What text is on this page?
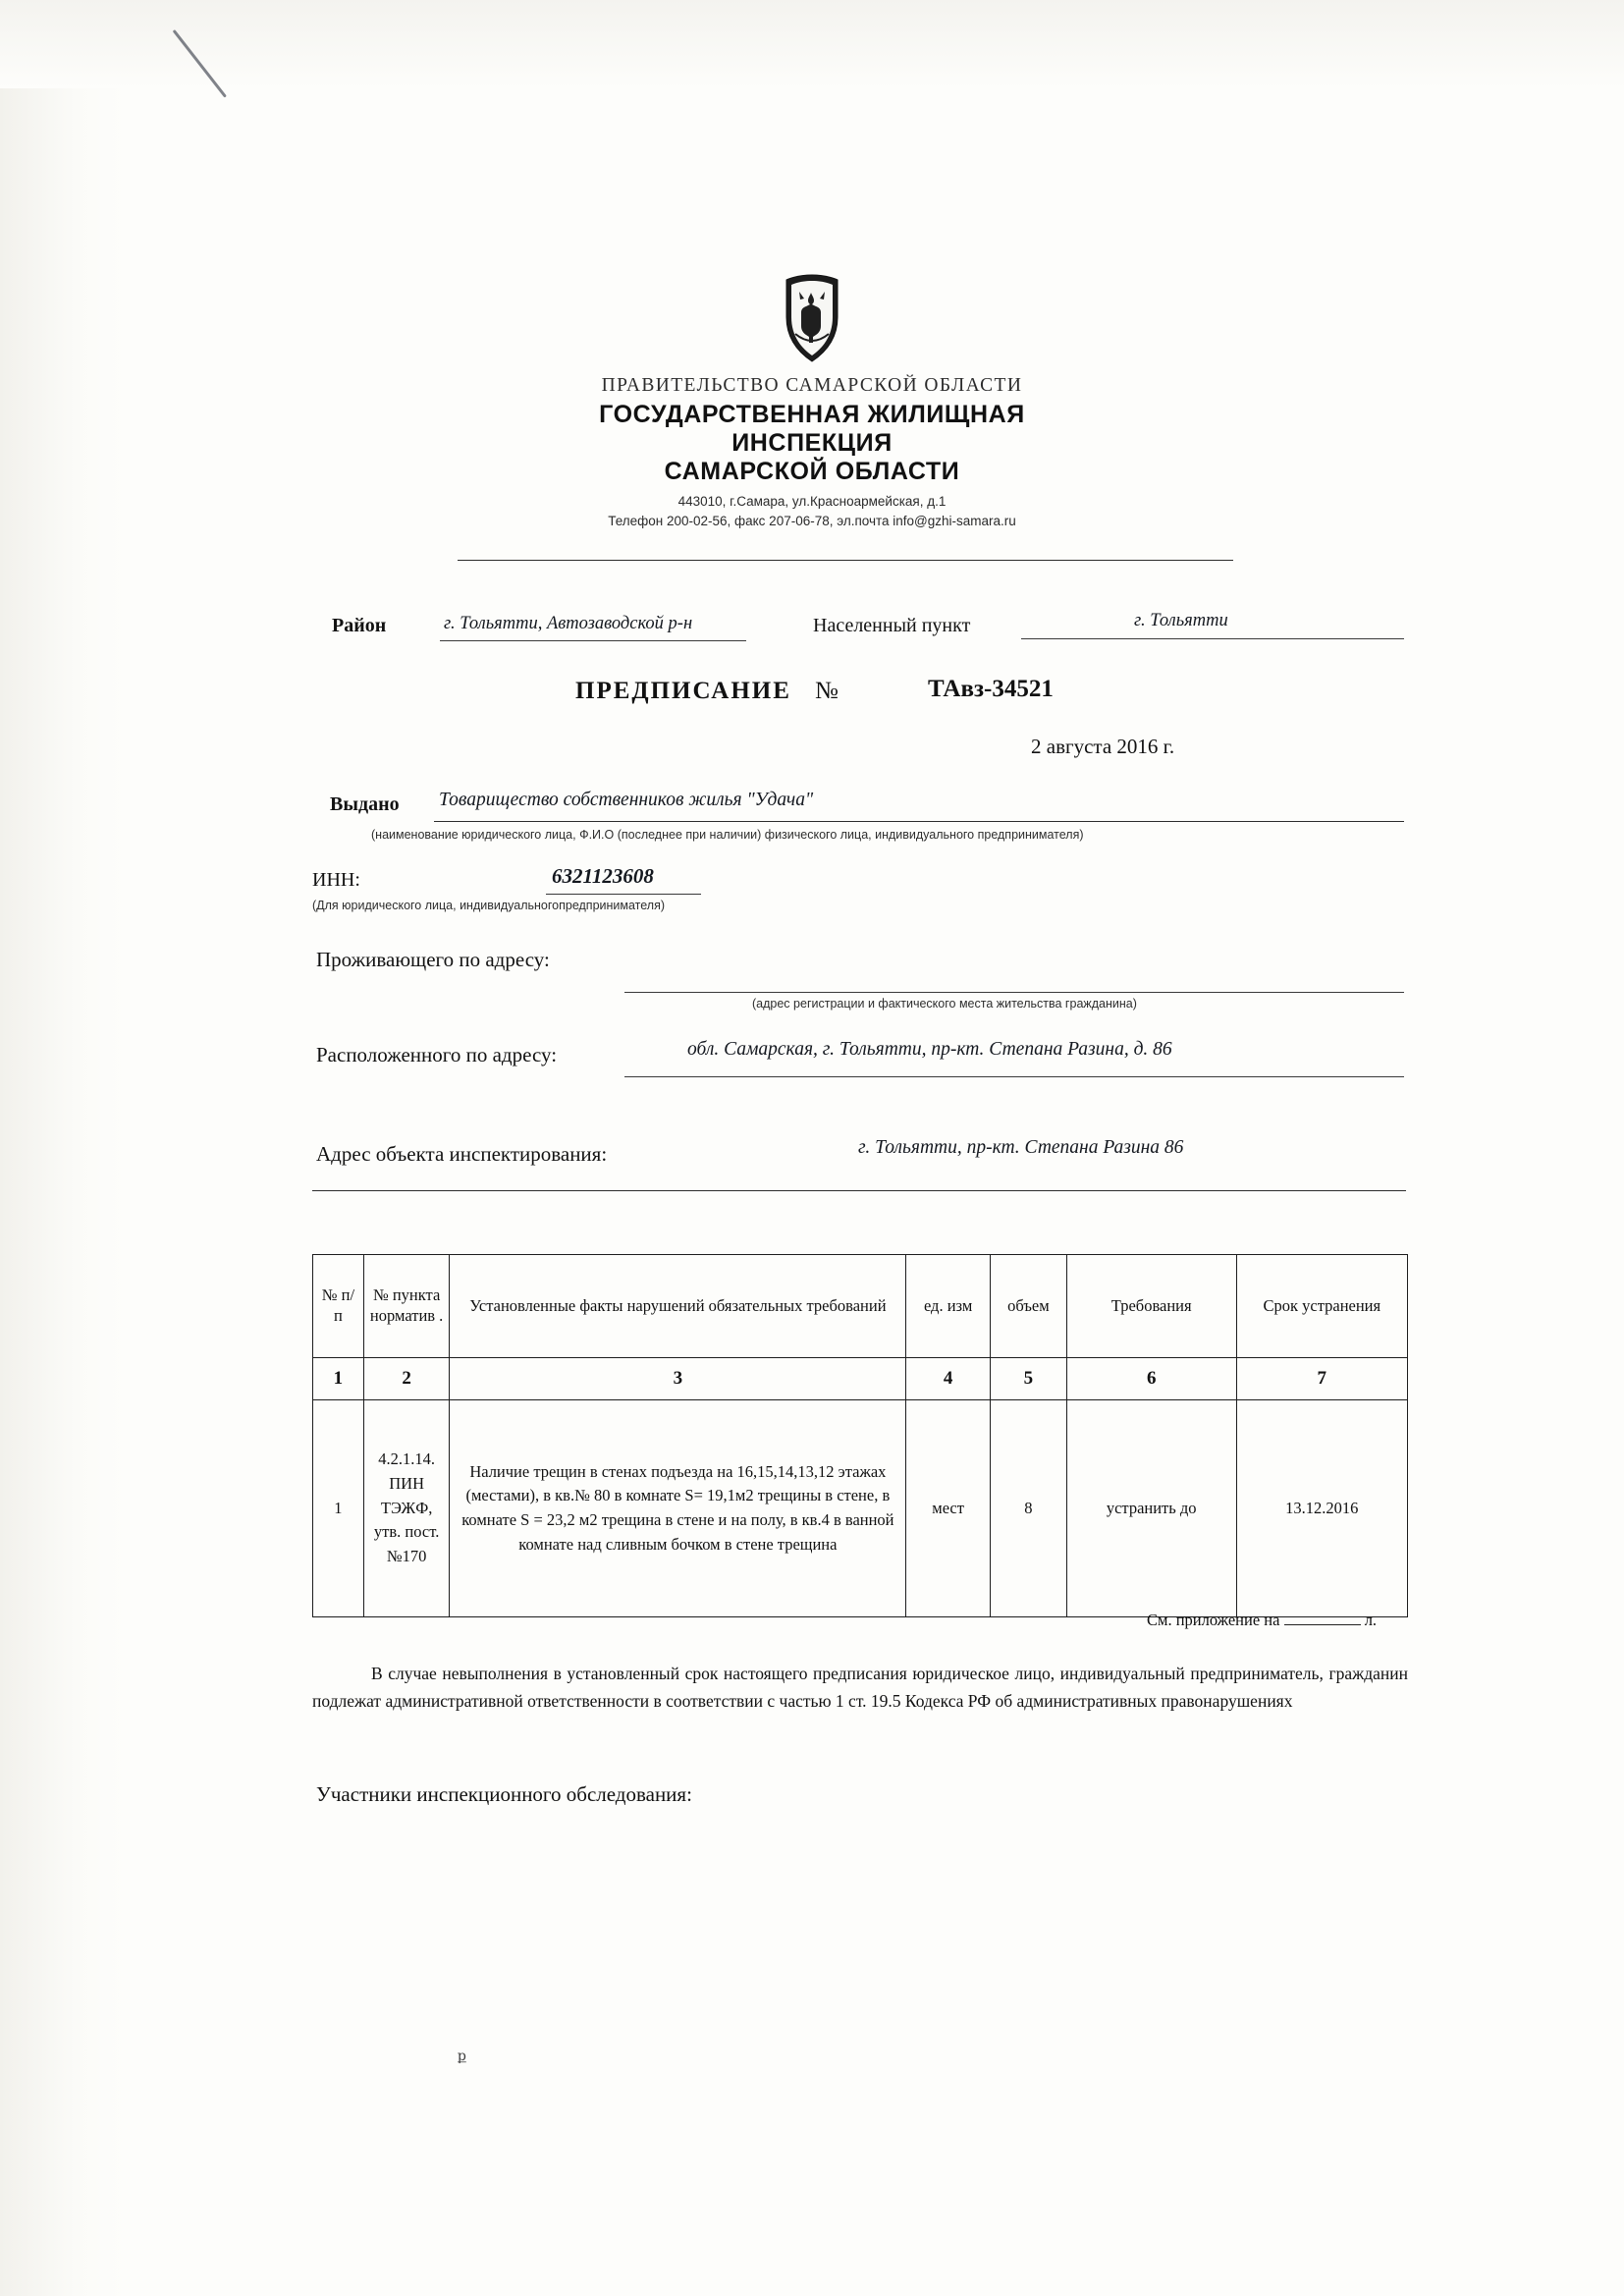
ПРАВИТЕЛЬСТВО САМАРСКОЙ ОБЛАСТИ
ГОСУДАРСТВЕННАЯ ЖИЛИЩНАЯ
ИНСПЕКЦИЯ
САМАРСКОЙ ОБЛАСТИ
443010, г.Самара, ул.Красноармейская, д.1
Телефон 200-02-56, факс 207-06-78, эл.почта info@gzhi-samara.ru
Район	г. Тольятти, Автозаводской р-н	Населенный пункт	г. Тольятти
ПРЕДПИСАНИЕ №	ТАвз-34521
2 августа 2016 г.
Выдано Товарищество собственников жилья "Удача"
(наименование юридического лица, Ф.И.О (последнее при наличии) физического лица, индивидуального предпринимателя)
ИНН:	6321123608
(Для юридического лица, индивидуальногопредпринимателя)
Проживающего по адресу:
(адрес регистрации и фактического места жительства гражданина)
Расположенного по адресу:	обл. Самарская, г. Тольятти, пр-кт. Степана Разина, д. 86
Адрес объекта инспектирования:	г. Тольятти, пр-кт. Степана Разина 86
№ п/п	№ пункта норматив .	Установленные факты нарушений обязательных требований	ед. изм	объем	Требования	Срок устранения
1	2	3	4	5	6	7
1	4.2.1.14. ПИН ТЭЖФ, утв. пост. №170	Наличие трещин в стенах подъезда на 16,15,14,13,12 этажах (местами), в кв.№ 80 в комнате S= 19,1м2 трещины в стене, в комнате S = 23,2 м2 трещина в стене и на полу, в кв.4 в ванной комнате над сливным бочком в стене трещина	мест	8	устранить до	13.12.2016
См. приложение на	л.
В случае невыполнения в установленный срок настоящего предписания юридическое лицо, индивидуальный предприниматель, гражданин подлежат административной ответственности в соответствии с частью 1 ст. 19.5 Кодекса РФ об административных правонарушениях
Участники инспекционного обследования:
ք
